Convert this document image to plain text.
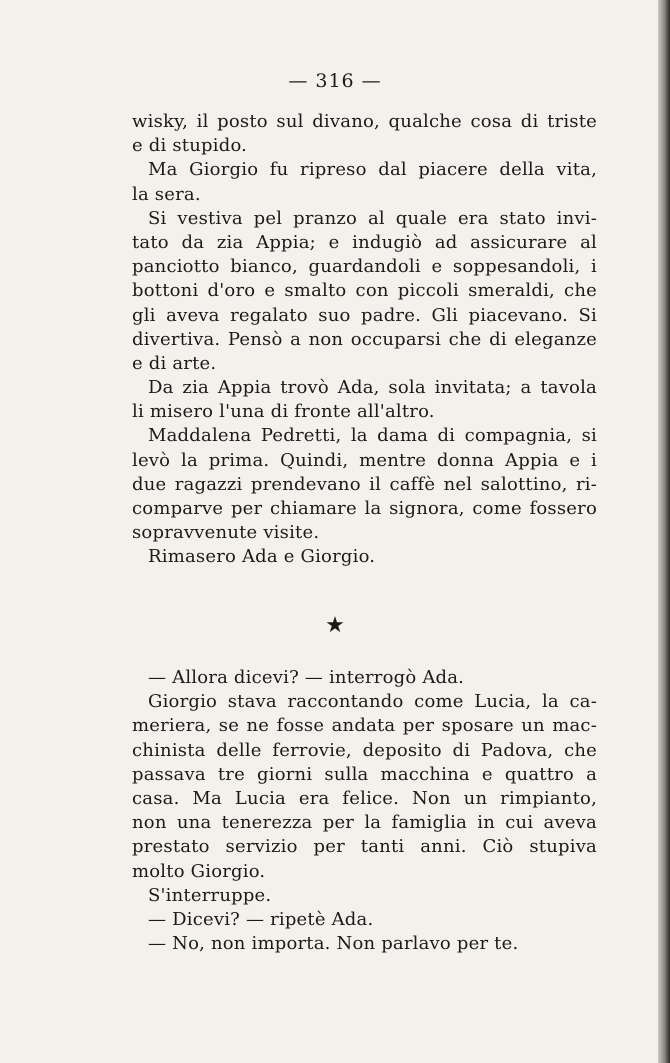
— 316 —
wisky, il posto sul divano, qualche cosa di triste
e di stupido.
Ma Giorgio fu ripreso dal piacere della vita,
la sera.
Si vestiva pel pranzo al quale era stato invi-
tato da zia Appia; e indugiò ad assicurare al
panciotto bianco, guardandoli e soppesandoli, i
bottoni d'oro e smalto con piccoli smeraldi, che
gli aveva regalato suo padre. Gli piacevano. Si
divertiva. Pensò a non occuparsi che di eleganze
e di arte.
Da zia Appia trovò Ada, sola invitata; a tavola
li misero l'una di fronte all'altro.
Maddalena Pedretti, la dama di compagnia, si
levò la prima. Quindi, mentre donna Appia e i
due ragazzi prendevano il caffè nel salottino, ri-
comparve per chiamare la signora, come fossero
sopravvenute visite.
Rimasero Ada e Giorgio.
★
— Allora dicevi? — interrogò Ada.
Giorgio stava raccontando come Lucia, la ca-
meriera, se ne fosse andata per sposare un mac-
chinista delle ferrovie, deposito di Padova, che
passava tre giorni sulla macchina e quattro a
casa. Ma Lucia era felice. Non un rimpianto,
non una tenerezza per la famiglia in cui aveva
prestato servizio per tanti anni. Ciò stupiva
molto Giorgio.
S'interruppe.
— Dicevi? — ripetè Ada.
— No, non importa. Non parlavo per te.
